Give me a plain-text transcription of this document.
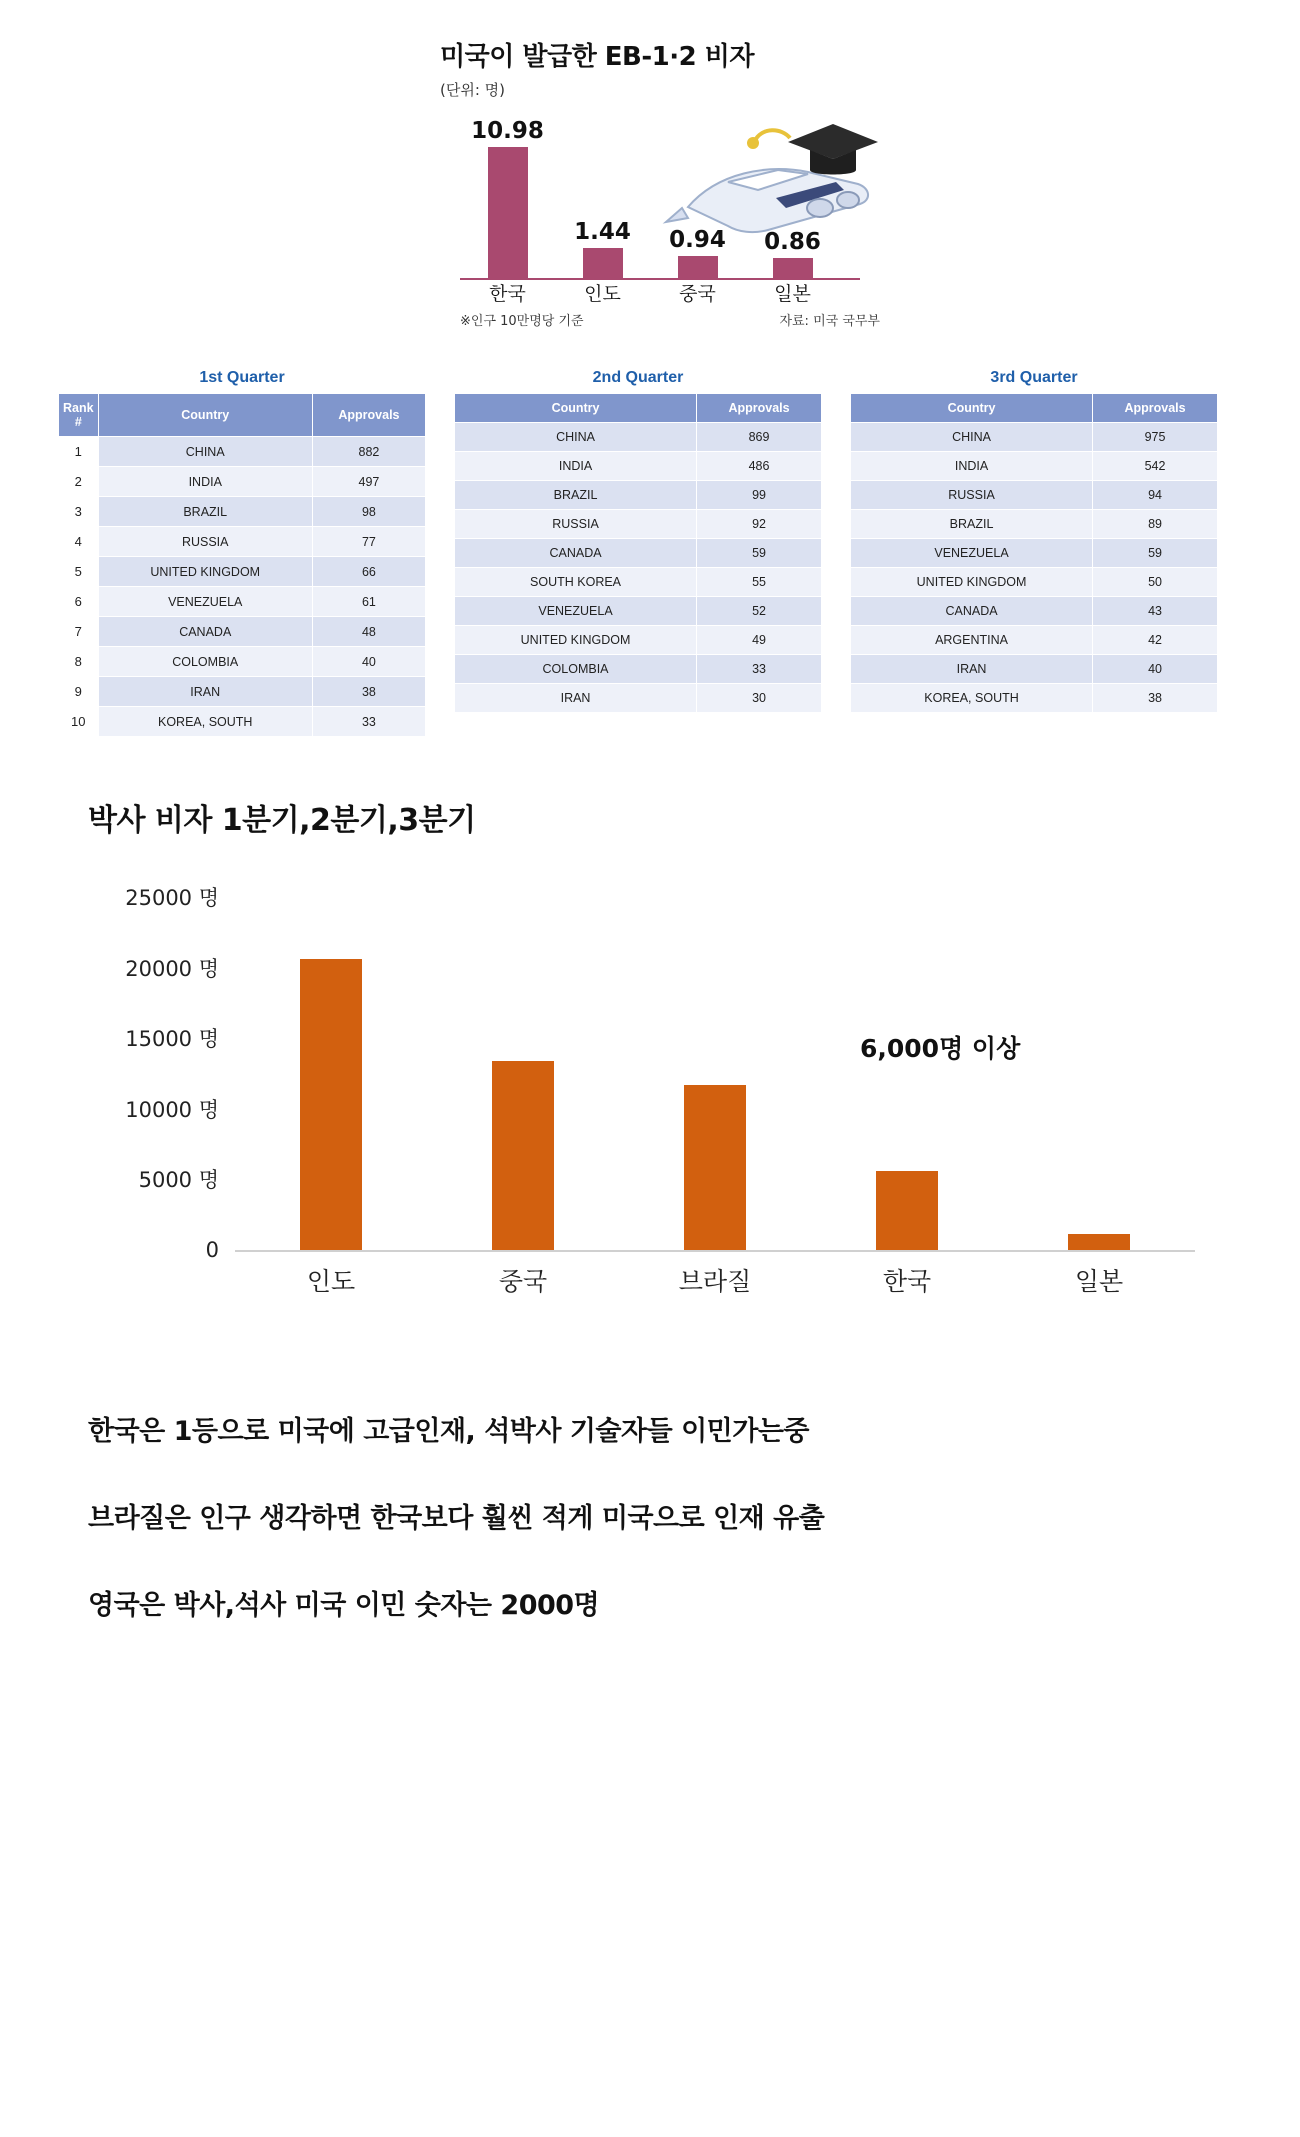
미국이 발급한 EB-1·2 비자
(단위: 명)
10.98
1.44 0.94 0.86
한국	인도	중국	일본
※인구 10만명당 기준	자료: 미국 국무부
1st Quarter
Rank #	Country	Approvals
1	CHINA	882
2	INDIA	497
3	BRAZIL	98
4	RUSSIA	77
5	UNITED KINGDOM	66
6	VENEZUELA	61
7	CANADA	48
8	COLOMBIA	40
9	IRAN	38
10	KOREA, SOUTH	33
2nd Quarter
Country	Approvals
CHINA	869
INDIA	486
BRAZIL	99
RUSSIA	92
CANADA	59
SOUTH KOREA	55
VENEZUELA	52
UNITED KINGDOM	49
COLOMBIA	33
IRAN	30
3rd Quarter
Country	Approvals
CHINA	975
INDIA	542
RUSSIA	94
BRAZIL	89
VENEZUELA	59
UNITED KINGDOM	50
CANADA	43
ARGENTINA	42
IRAN	40
KOREA, SOUTH	38
박사 비자 1분기,2분기,3분기
25000 명
20000 명
15000 명
10000 명
5000 명
0
6,000명 이상
인도	중국	브라질	한국	일본
한국은 1등으로 미국에 고급인재, 석박사 기술자들 이민가는중
브라질은 인구 생각하면 한국보다 훨씬 적게 미국으로 인재 유출
영국은 박사,석사 미국 이민 숫자는 2000명
